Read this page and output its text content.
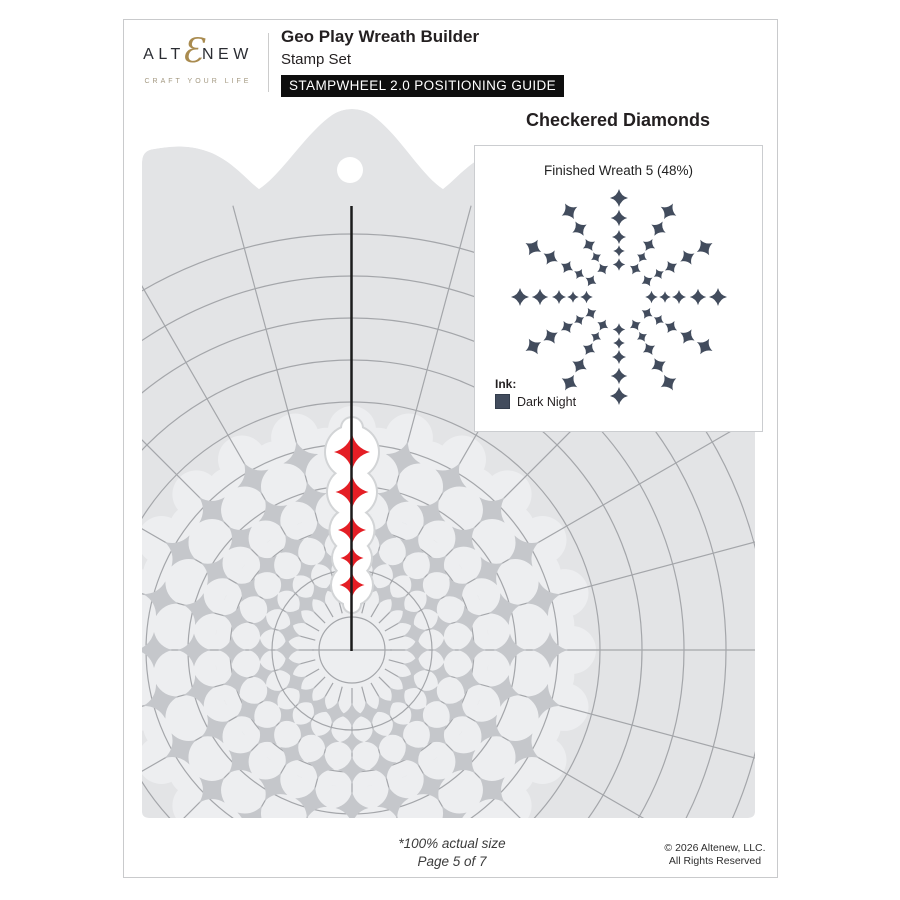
ALT
Ɛ NEW
CRAFT YOUR LIFE
Geo Play Wreath Builder
Stamp Set
STAMPWHEEL 2.0 POSITIONING GUIDE
Checkered Diamonds
Finished Wreath 5 (48%)
Ink:
Dark Night
*100% actual size
Page 5 of 7
© 2026 Altenew, LLC.
All Rights Reserved
